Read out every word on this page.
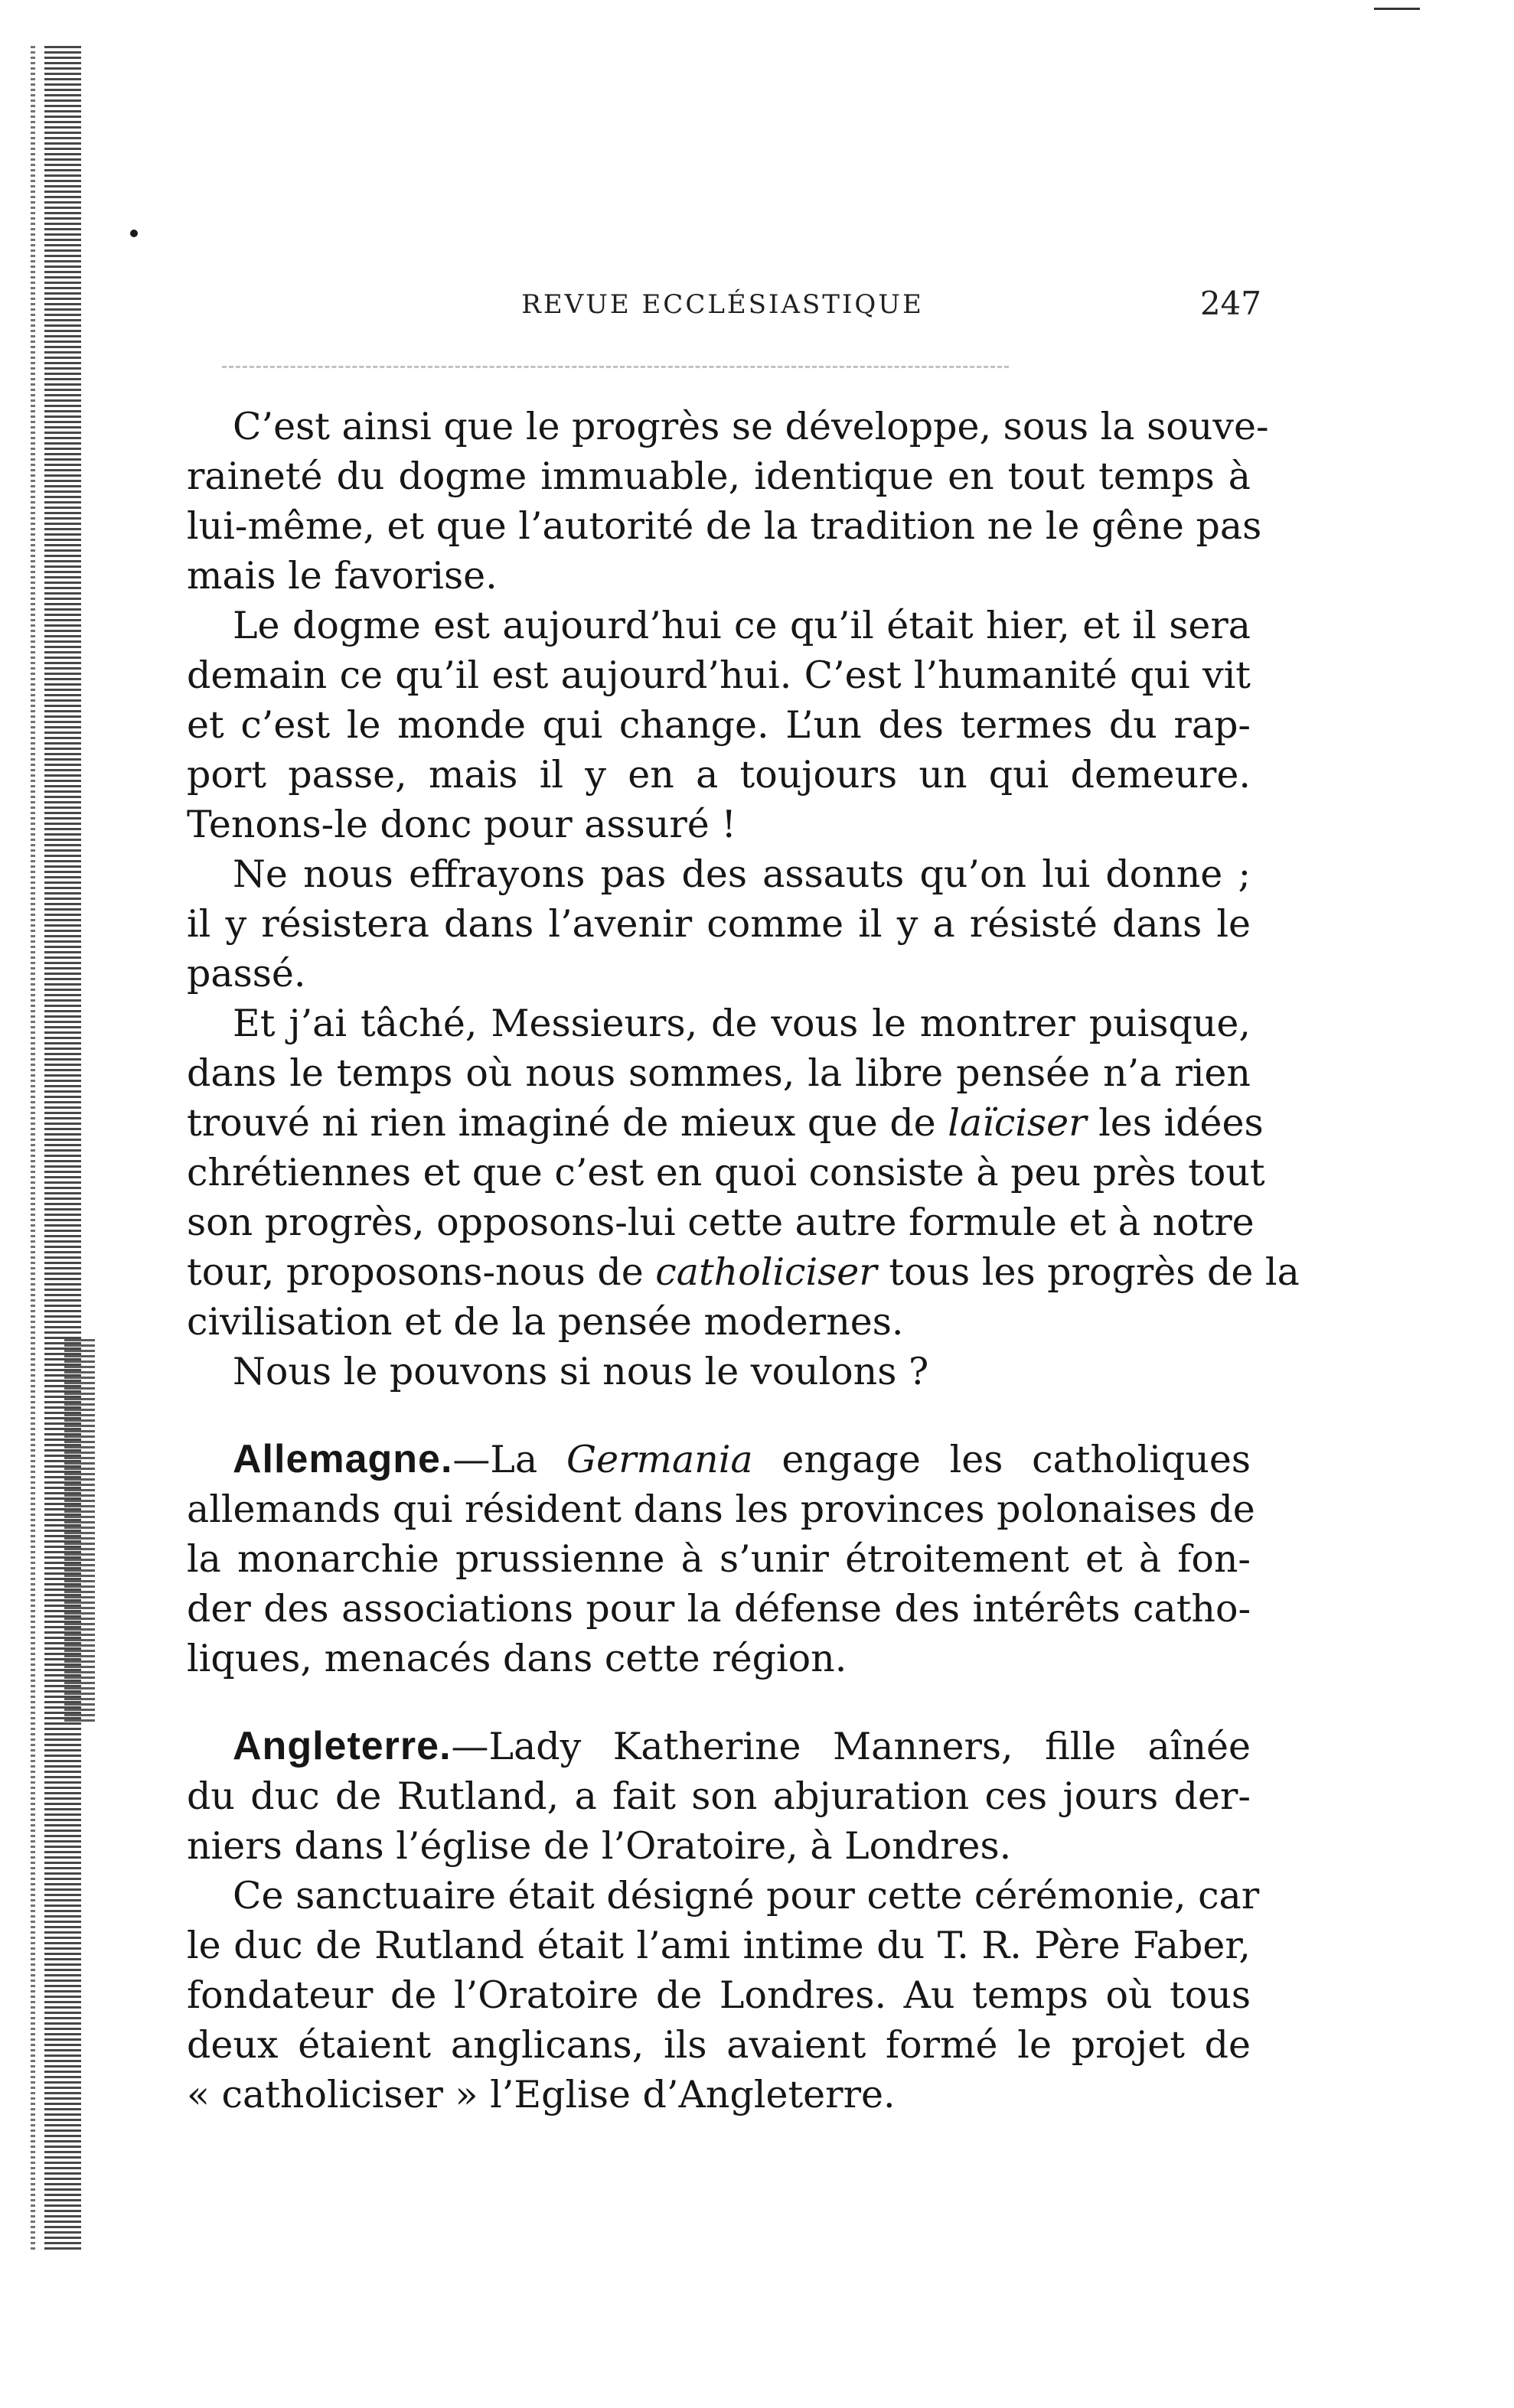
REVUE ECCLÉSIASTIQUE	247
C’est ainsi que le progrès se développe, sous la souve-
raineté du dogme immuable, identique en tout temps à
lui-même, et que l’autorité de la tradition ne le gêne pas
mais le favorise.
Le dogme est aujourd’hui ce qu’il était hier, et il sera
demain ce qu’il est aujourd’hui. C’est l’humanité qui vit
et c’est le monde qui change. L’un des termes du rap-
port passe, mais il y en a toujours un qui demeure.
Tenons-le donc pour assuré !
Ne nous effrayons pas des assauts qu’on lui donne ;
il y résistera dans l’avenir comme il y a résisté dans le
passé.
Et j’ai tâché, Messieurs, de vous le montrer puisque,
dans le temps où nous sommes, la libre pensée n’a rien
trouvé ni rien imaginé de mieux que de laïciser les idées
chrétiennes et que c’est en quoi consiste à peu près tout
son progrès, opposons-lui cette autre formule et à notre
tour, proposons-nous de catholiciser tous les progrès de la
civilisation et de la pensée modernes.
Nous le pouvons si nous le voulons ?
Allemagne.—La Germania engage les catholiques
allemands qui résident dans les provinces polonaises de
la monarchie prussienne à s’unir étroitement et à fon-
der des associations pour la défense des intérêts catho-
liques, menacés dans cette région.
Angleterre.—Lady Katherine Manners, fille aînée
du duc de Rutland, a fait son abjuration ces jours der-
niers dans l’église de l’Oratoire, à Londres.
Ce sanctuaire était désigné pour cette cérémonie, car
le duc de Rutland était l’ami intime du T. R. Père Faber,
fondateur de l’Oratoire de Londres. Au temps où tous
deux étaient anglicans, ils avaient formé le projet de
« catholiciser » l’Eglise d’Angleterre.
